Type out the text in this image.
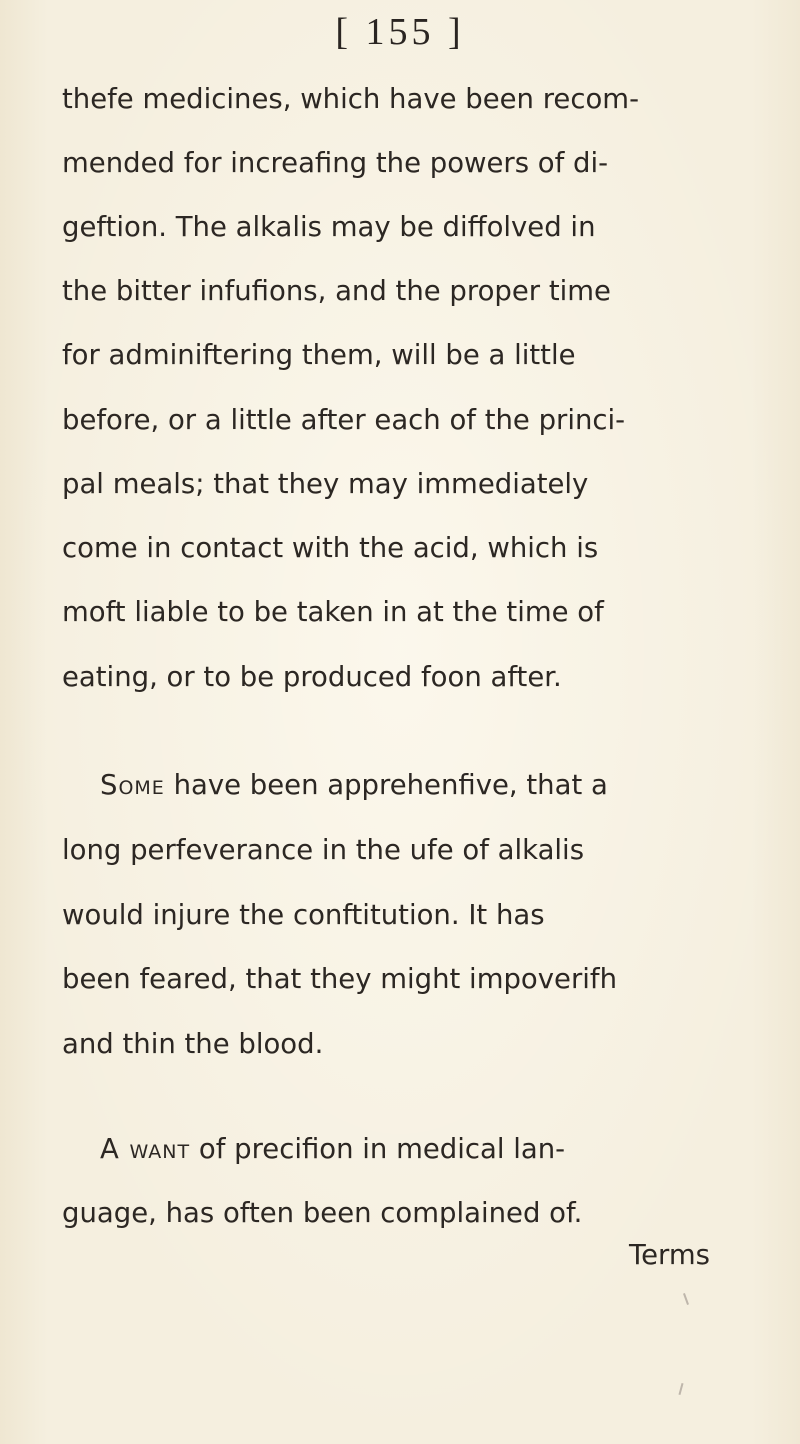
[ 155 ]

thefe medicines, which have been recom-

mended for increafing the powers of di-

geftion. The alkalis may be diffolved in

the bitter infufions, and the proper time

for adminiftering them, will be a little

before, or a little after each of the princi-

pal meals; that they may immediately

come in contact with the acid, which is

moft liable to be taken in at the time of

eating, or to be produced foon after.

Some have been apprehenfive, that a

long perfeverance in the ufe of alkalis

would injure the conftitution. It has

been feared, that they might impoverifh

and thin the blood.

A want of precifion in medical lan-

guage, has often been complained of.

Terms
